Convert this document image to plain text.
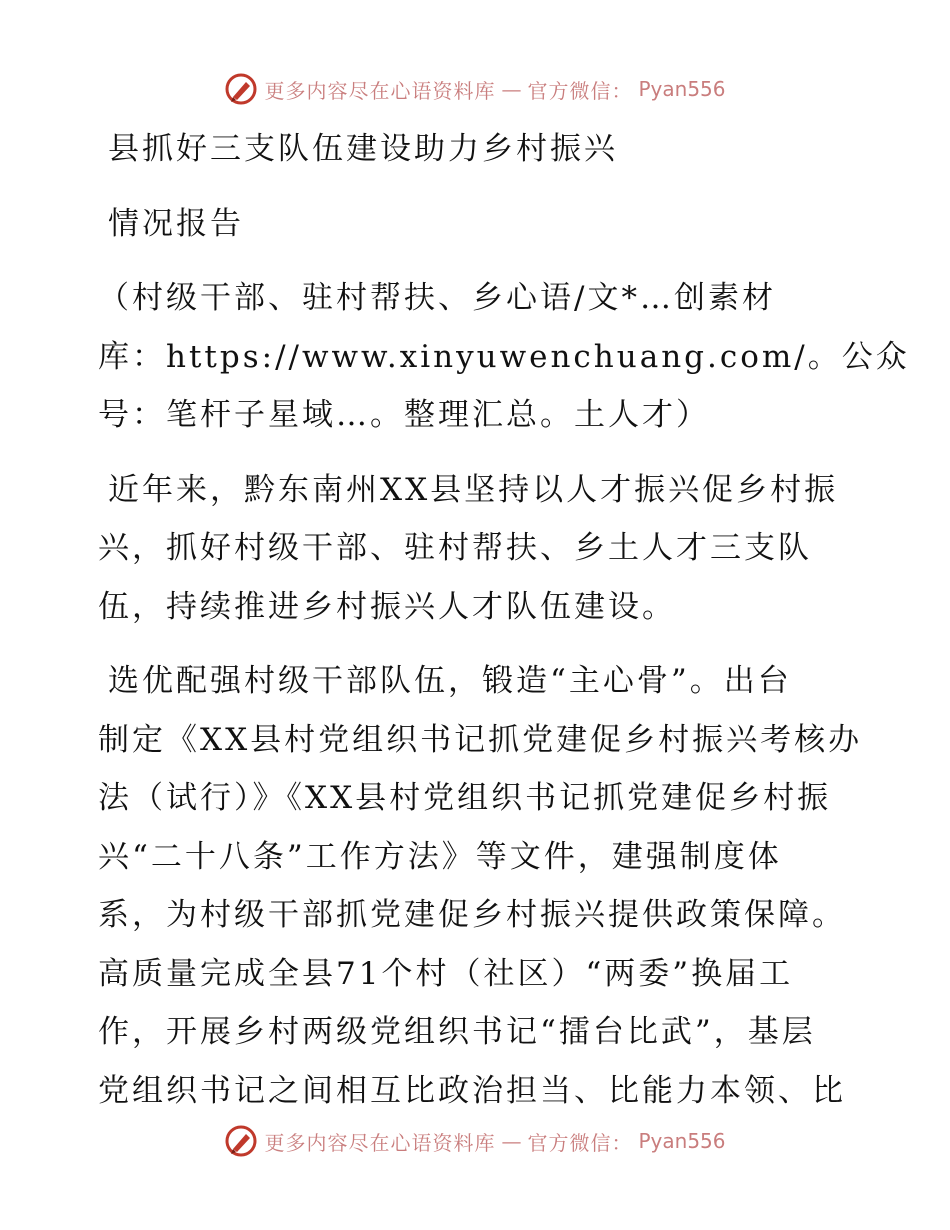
更多内容尽在心语资料库 — 官方微信： Pyan556
县抓好三支队伍建设助力乡村振兴
情况报告
（村级干部、驻村帮扶、乡心语/文*…创素材
库：https://www.xinyuwenchuang.com/。公众
号：笔杆子星域…。整理汇总。土人才）
近年来，黔东南州XX县坚持以人才振兴促乡村振
兴，抓好村级干部、驻村帮扶、乡土人才三支队
伍，持续推进乡村振兴人才队伍建设。
选优配强村级干部队伍，锻造“主心骨”。出台
制定《XX县村党组织书记抓党建促乡村振兴考核办
法（试行）》《XX县村党组织书记抓党建促乡村振
兴“二十八条”工作方法》等文件，建强制度体
系，为村级干部抓党建促乡村振兴提供政策保障。
高质量完成全县71个村（社区）“两委”换届工
作，开展乡村两级党组织书记“擂台比武”，基层
党组织书记之间相互比政治担当、比能力本领、比
更多内容尽在心语资料库 — 官方微信： Pyan556
